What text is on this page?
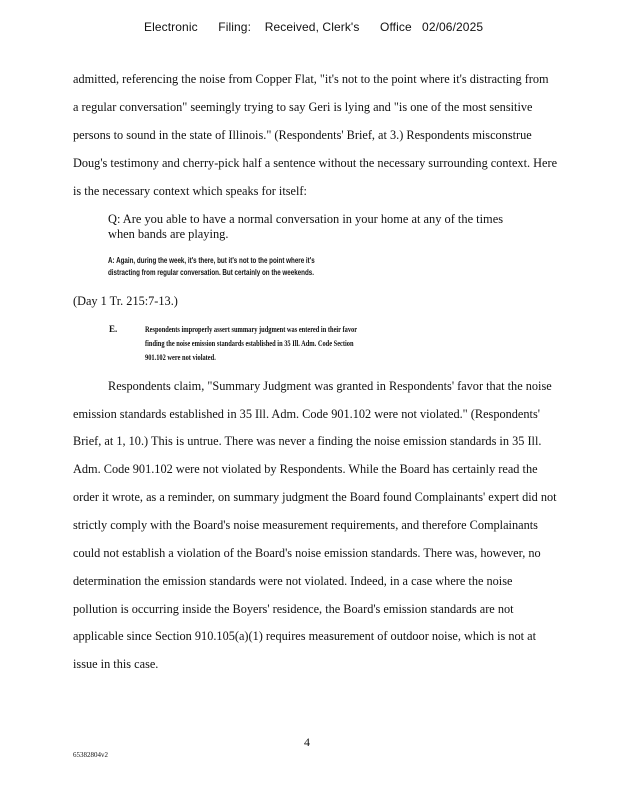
Electronic      Filing:    Received, Clerk's      Office   02/06/2025
admitted, referencing the noise from Copper Flat, "it's not to the point where it's distracting from
a regular conversation" seemingly trying to say Geri is lying and "is one of the most sensitive
persons to sound in the state of Illinois." (Respondents' Brief, at 3.) Respondents misconstrue
Doug's testimony and cherry-pick half a sentence without the necessary surrounding context. Here
is the necessary context which speaks for itself:
Q: Are you able to have a normal conversation in your home at any of the times
when bands are playing.
A: Again, during the week, it's there, but it's not to the point where it's
distracting from regular conversation. But certainly on the weekends.
(Day 1 Tr. 215:7-13.)
E.	Respondents improperly assert summary judgment was entered in their favor
finding the noise emission standards established in 35 Ill. Adm. Code Section
901.102 were not violated.
Respondents claim, "Summary Judgment was granted in Respondents' favor that the noise
emission standards established in 35 Ill. Adm. Code 901.102 were not violated." (Respondents'
Brief, at 1, 10.) This is untrue. There was never a finding the noise emission standards in 35 Ill.
Adm. Code 901.102 were not violated by Respondents. While the Board has certainly read the
order it wrote, as a reminder, on summary judgment the Board found Complainants' expert did not
strictly comply with the Board's noise measurement requirements, and therefore Complainants
could not establish a violation of the Board's noise emission standards. There was, however, no
determination the emission standards were not violated. Indeed, in a case where the noise
pollution is occurring inside the Boyers' residence, the Board's emission standards are not
applicable since Section 910.105(a)(1) requires measurement of outdoor noise, which is not at
issue in this case.
4
65382804v2
